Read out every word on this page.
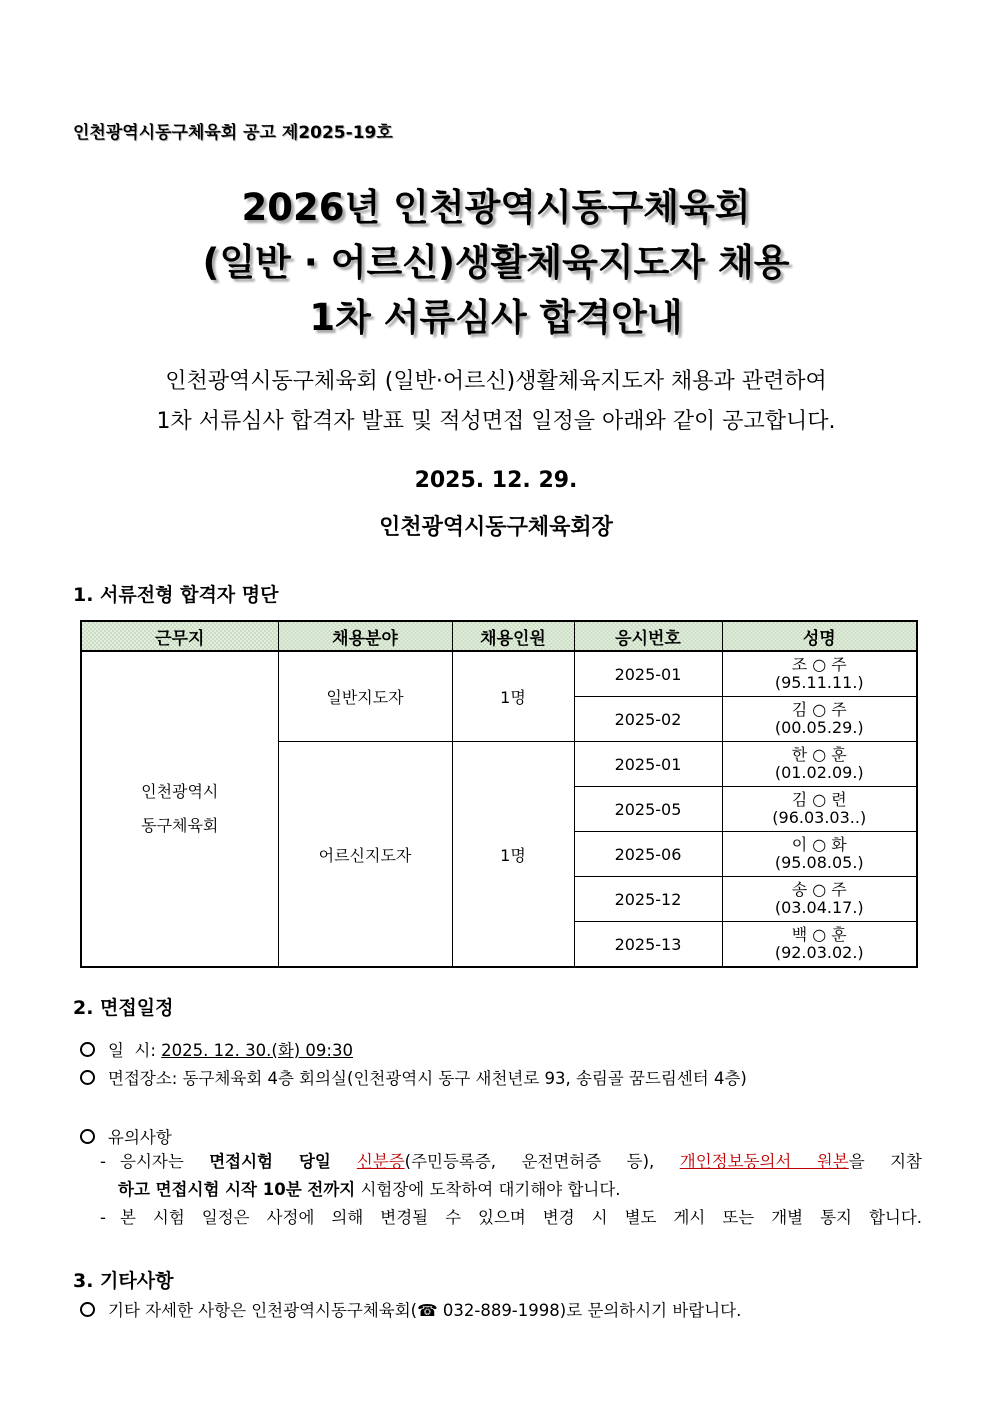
인천광역시동구체육회 공고 제2025-19호
2026년 인천광역시동구체육회
(일반 · 어르신)생활체육지도자 채용
1차 서류심사 합격안내
인천광역시동구체육회 (일반·어르신)생활체육지도자 채용과 관련하여
1차 서류심사 합격자 발표 및 적성면접 일정을 아래와 같이 공고합니다.
2025. 12. 29.
인천광역시동구체육회장
1. 서류전형 합격자 명단
근무지	채용분야	채용인원	응시번호	성명

인천광역시
동구체육회	일반지도자	1명	2025-01	조 ○ 주
(95.11.11.)

			2025-02	김 ○ 주
(00.05.29.)

	어르신지도자	1명	2025-01	한 ○ 훈
(01.02.09.)

			2025-05	김 ○ 련
(96.03.03..)

			2025-06	이 ○ 화
(95.08.05.)

			2025-12	송 ○ 주
(03.04.17.)

			2025-13	백 ○ 훈
(92.03.02.)
2. 면접일정
일  시: 2025. 12. 30.(화) 09:30
면접장소: 동구체육회 4층 회의실(인천광역시 동구 새천년로 93, 송림골 꿈드림센터 4층)
유의사항
- 응시자는 면접시험 당일 신분증(주민등록증, 운전면허증 등), 개인정보동의서 원본을 지참
하고 면접시험 시작 10분 전까지 시험장에 도착하여 대기해야 합니다.
- 본 시험 일정은 사정에 의해 변경될 수 있으며 변경 시 별도 게시 또는 개별 통지 합니다.
3. 기타사항
기타 자세한 사항은 인천광역시동구체육회(☎ 032-889-1998)로 문의하시기 바랍니다.
